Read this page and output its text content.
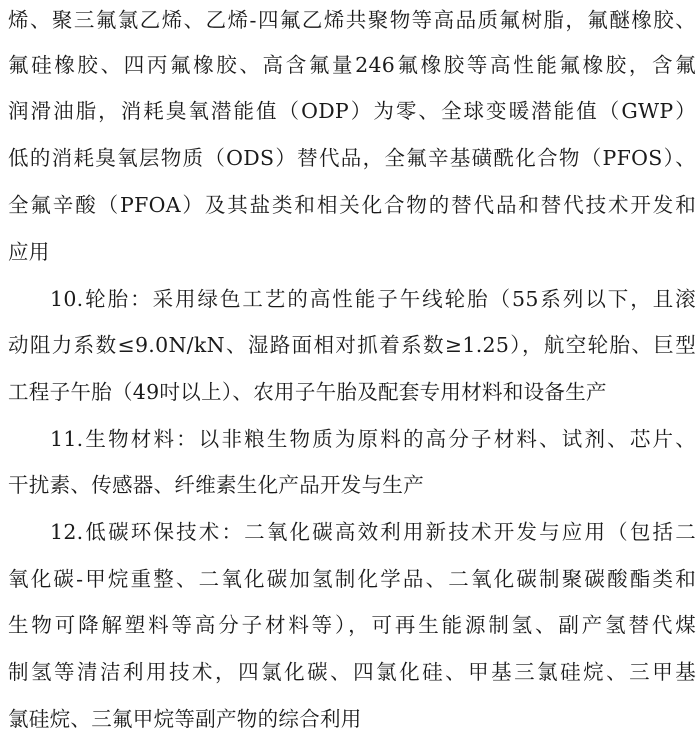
烯、聚三氟氯乙烯、乙烯-四氟乙烯共聚物等高品质氟树脂，氟醚橡胶、
氟硅橡胶、四丙氟橡胶、高含氟量246氟橡胶等高性能氟橡胶，含氟
润滑油脂，消耗臭氧潜能值（ODP）为零、全球变暖潜能值（GWP）
低的消耗臭氧层物质（ODS）替代品，全氟辛基磺酰化合物（PFOS）、
全氟辛酸（PFOA）及其盐类和相关化合物的替代品和替代技术开发和
应用
10.轮胎：采用绿色工艺的高性能子午线轮胎（55系列以下，且滚
动阻力系数≤9.0N/kN、湿路面相对抓着系数≥1.25），航空轮胎、巨型
工程子午胎（49吋以上）、农用子午胎及配套专用材料和设备生产
11.生物材料：以非粮生物质为原料的高分子材料、试剂、芯片、
干扰素、传感器、纤维素生化产品开发与生产
12.低碳环保技术：二氧化碳高效利用新技术开发与应用（包括二
氧化碳-甲烷重整、二氧化碳加氢制化学品、二氧化碳制聚碳酸酯类和
生物可降解塑料等高分子材料等），可再生能源制氢、副产氢替代煤
制氢等清洁利用技术，四氯化碳、四氯化硅、甲基三氯硅烷、三甲基
氯硅烷、三氟甲烷等副产物的综合利用
